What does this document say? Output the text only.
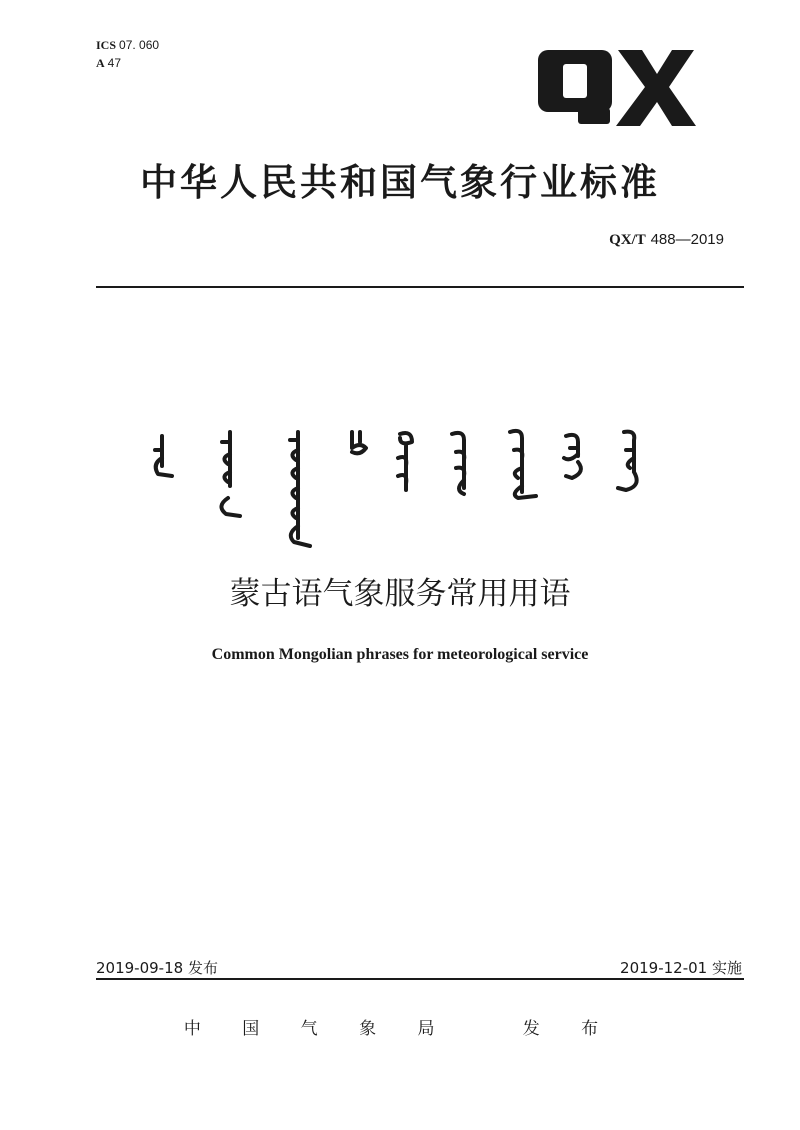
ICS 07. 060
A 47
中华人民共和国气象行业标准
QX/T 488—2019
蒙古语气象服务常用用语
Common Mongolian phrases for meteorological service
2019-09-18 发布	2019-12-01 实施
中 国 气 象 局   发 布
